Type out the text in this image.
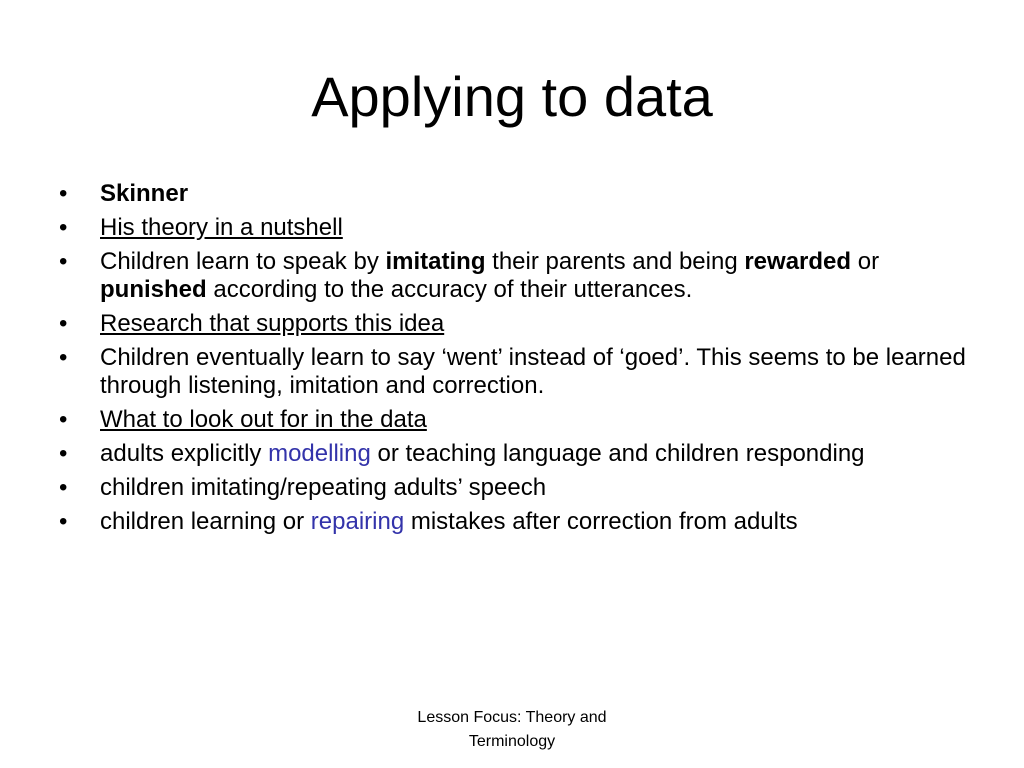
Applying to data
• Skinner
• His theory in a nutshell
• Children learn to speak by imitating their parents and being rewarded or punished according to the accuracy of their utterances.
• Research that supports this idea
• Children eventually learn to say ‘went’ instead of ‘goed’. This seems to be learned through listening, imitation and correction.
• What to look out for in the data
• adults explicitly modelling or teaching language and children responding
• children imitating/repeating adults’ speech
• children learning or repairing mistakes after correction from adults
Lesson Focus: Theory and
Terminology
